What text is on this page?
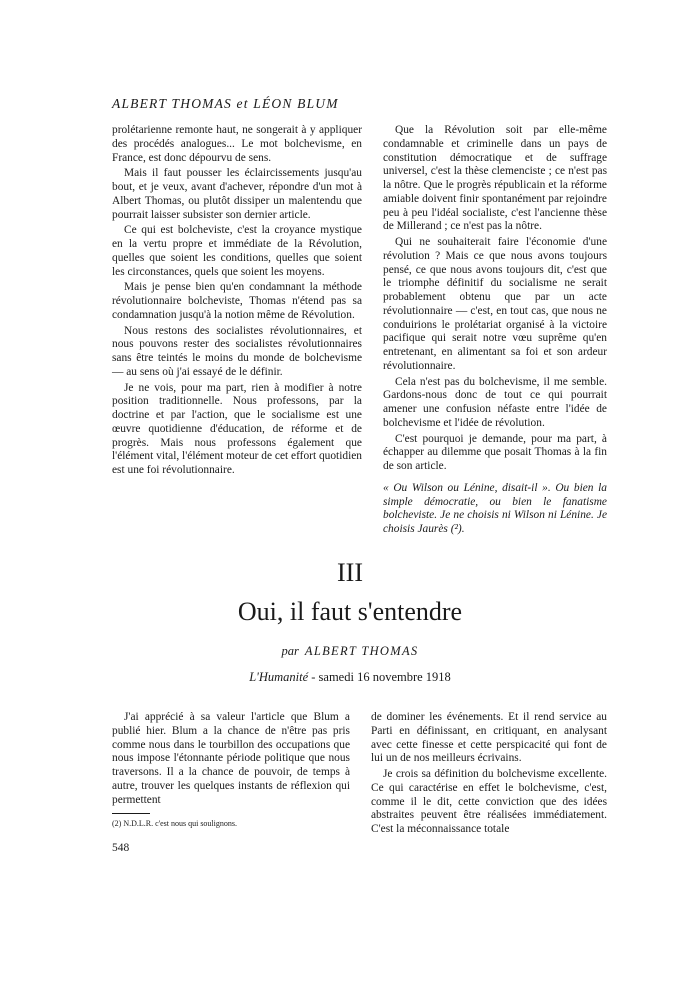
ALBERT THOMAS et LÉON BLUM

prolétarienne remonte haut, ne songerait à y appliquer des procédés analogues... Le mot bolchevisme, en France, est donc dépourvu de sens.

Mais il faut pousser les éclaircissements jusqu'au bout, et je veux, avant d'achever, répondre d'un mot à Albert Thomas, ou plutôt dissiper un malentendu que pourrait laisser subsister son dernier article.

Ce qui est bolcheviste, c'est la croyance mystique en la vertu propre et immédiate de la Révolution, quelles que soient les conditions, quelles que soient les circonstances, quels que soient les moyens.

Mais je pense bien qu'en condamnant la méthode révolutionnaire bolcheviste, Thomas n'étend pas sa condamnation jusqu'à la notion même de Révolution.

Nous restons des socialistes révolutionnaires, et nous pouvons rester des socialistes révolutionnaires sans être teintés le moins du monde de bolchevisme — au sens où j'ai essayé de le définir.

Je ne vois, pour ma part, rien à modifier à notre position traditionnelle. Nous professons, par la doctrine et par l'action, que le socialisme est une œuvre quotidienne d'éducation, de réforme et de progrès. Mais nous professons également que l'élément vital, l'élément moteur de cet effort quotidien est une foi révolutionnaire.

Que la Révolution soit par elle-même condamnable et criminelle dans un pays de constitution démocratique et de suffrage universel, c'est la thèse clemenciste ; ce n'est pas la nôtre. Que le progrès républicain et la réforme amiable doivent finir spontanément par rejoindre peu à peu l'idéal socialiste, c'est l'ancienne thèse de Millerand ; ce n'est pas la nôtre.

Qui ne souhaiterait faire l'économie d'une révolution ? Mais ce que nous avons toujours pensé, ce que nous avons toujours dit, c'est que le triomphe définitif du socialisme ne serait probablement obtenu que par un acte révolutionnaire — c'est, en tout cas, que nous ne conduirions le prolétariat organisé à la victoire pacifique qui serait notre vœu suprême qu'en entretenant, en alimentant sa foi et son ardeur révolutionnaire.

Cela n'est pas du bolchevisme, il me semble. Gardons-nous donc de tout ce qui pourrait amener une confusion néfaste entre l'idée de bolchevisme et l'idée de révolution.

C'est pourquoi je demande, pour ma part, à échapper au dilemme que posait Thomas à la fin de son article.

« Ou Wilson ou Lénine, disait-il ». Ou bien la simple démocratie, ou bien le fanatisme bolcheviste. Je ne choisis ni Wilson ni Lénine. Je choisis Jaurès (²).

III
Oui, il faut s'entendre
par ALBERT THOMAS
L'Humanité - samedi 16 novembre 1918

J'ai apprécié à sa valeur l'article que Blum a publié hier. Blum a la chance de n'être pas pris comme nous dans le tourbillon des occupations que nous impose l'étonnante période politique que nous traversons. Il a la chance de pouvoir, de temps à autre, trouver les quelques instants de réflexion qui permettent

de dominer les événements. Et il rend service au Parti en définissant, en critiquant, en analysant avec cette finesse et cette perspicacité qui font de lui un de nos meilleurs écrivains.

Je crois sa définition du bolchevisme excellente. Ce qui caractérise en effet le bolchevisme, c'est, comme il le dit, cette conviction que des idées abstraites peuvent être réalisées immédiatement. C'est la méconnaissance totale

(2) N.D.L.R. c'est nous qui soulignons.
548
